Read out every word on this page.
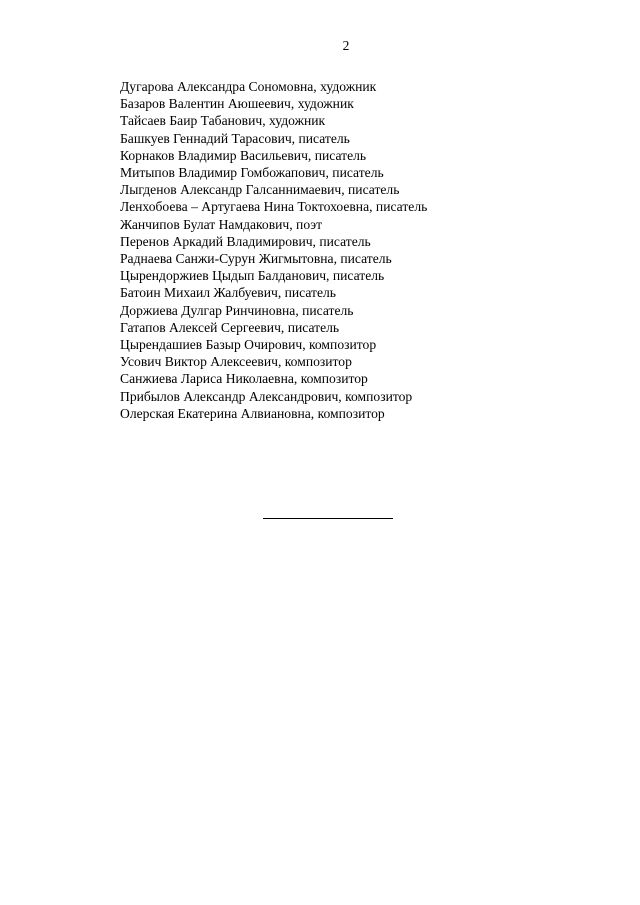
2
Дугарова Александра Сономовна, художник
Базаров Валентин Аюшеевич, художник
Тайсаев Баир Табанович, художник
Башкуев Геннадий Тарасович, писатель
Корнаков Владимир Васильевич, писатель
Митыпов Владимир Гомбожапович, писатель
Лыгденов Александр Галсаннимаевич, писатель
Ленхобоева – Артугаева Нина Токтохоевна, писатель
Жанчипов Булат Намдакович, поэт
Перенов Аркадий Владимирович, писатель
Раднаева Санжи-Сурун Жигмытовна, писатель
Цырендоржиев Цыдып Балданович, писатель
Батоин Михаил Жалбуевич, писатель
Доржиева Дулгар Ринчиновна, писатель
Гатапов Алексей Сергеевич, писатель
Цырендашиев Базыр Очирович, композитор
Усович Виктор Алексеевич, композитор
Санжиева Лариса Николаевна, композитор
Прибылов Александр Александрович, композитор
Олерская Екатерина Алвиановна, композитор
